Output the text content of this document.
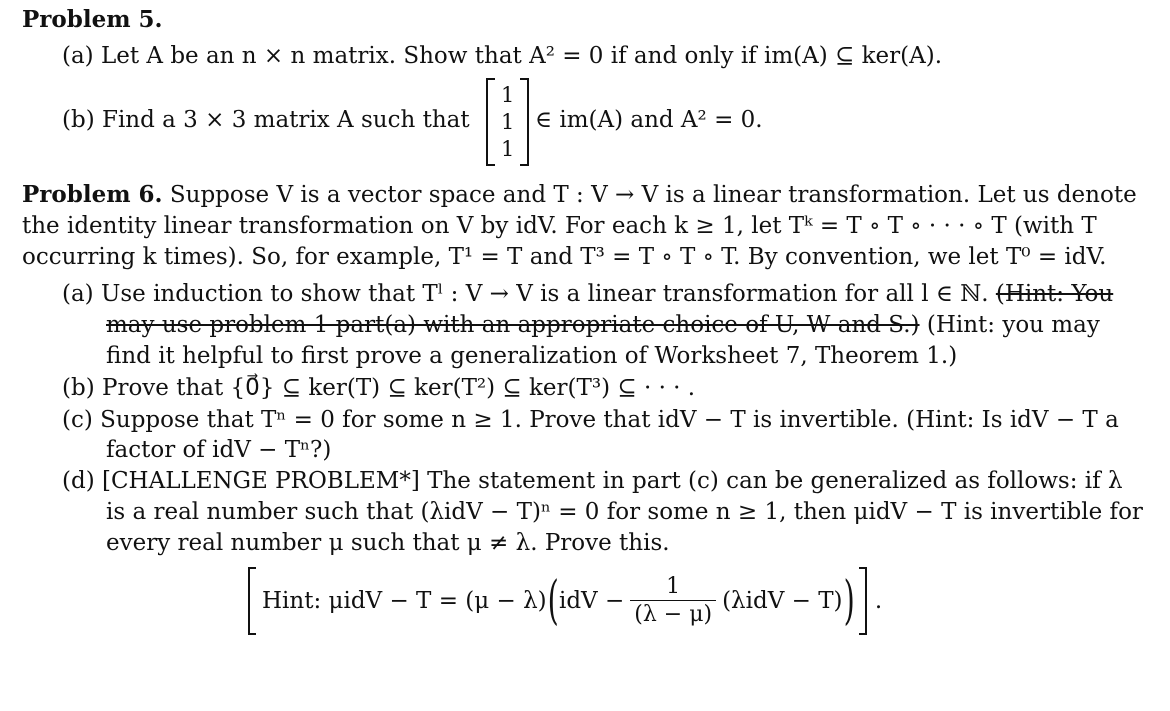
Problem 5.
(a) Let A be an n × n matrix. Show that A² = 0 if and only if im(A) ⊆ ker(A).
(b) Find a 3 × 3 matrix A such that
1
1
1
∈ im(A) and A² = 0.
Problem 6. Suppose V is a vector space and T : V → V is a linear transformation. Let us denote
the identity linear transformation on V by idV. For each k ≥ 1, let Tᵏ = T ∘ T ∘ · · · ∘ T (with T
occurring k times). So, for example, T¹ = T and T³ = T ∘ T ∘ T. By convention, we let T⁰ = idV.
(a) Use induction to show that Tˡ : V → V is a linear transformation for all l ∈ ℕ. (Hint: You
may use problem 1 part(a) with an appropriate choice of U, W and S.) (Hint: you may
find it helpful to first prove a generalization of Worksheet 7, Theorem 1.)
(b) Prove that {0⃗} ⊆ ker(T) ⊆ ker(T²) ⊆ ker(T³) ⊆ · · · .
(c) Suppose that Tⁿ = 0 for some n ≥ 1. Prove that idV − T is invertible. (Hint: Is idV − T a
factor of idV − Tⁿ?)
(d) [CHALLENGE PROBLEM*] The statement in part (c) can be generalized as follows: if λ
is a real number such that (λidV − T)ⁿ = 0 for some n ≥ 1, then μidV − T is invertible for
every real number μ such that μ ≠ λ. Prove this.
Hint: μidV − T = (μ − λ) ( idV − $\frac{1}{(\lambda - \mu)} (\lambda idV - T)$ ) .
